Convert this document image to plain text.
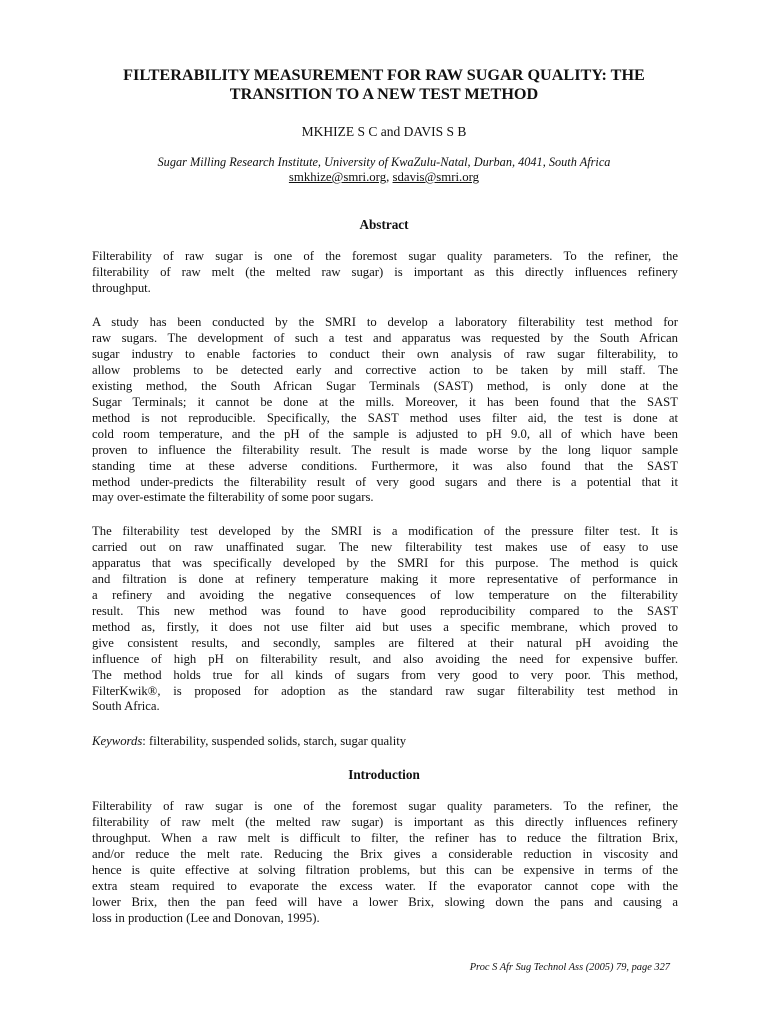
FILTERABILITY MEASUREMENT FOR RAW SUGAR QUALITY: THE
TRANSITION TO A NEW TEST METHOD
MKHIZE S C and DAVIS S B
Sugar Milling Research Institute, University of KwaZulu-Natal, Durban, 4041, South Africa
smkhize@smri.org, sdavis@smri.org
Abstract

Filterability of raw sugar is one of the foremost sugar quality parameters. To the refiner, the
filterability of raw melt (the melted raw sugar) is important as this directly influences refinery
throughput.

A study has been conducted by the SMRI to develop a laboratory filterability test method for
raw sugars. The development of such a test and apparatus was requested by the South African
sugar industry to enable factories to conduct their own analysis of raw sugar filterability, to
allow problems to be detected early and corrective action to be taken by mill staff. The
existing method, the South African Sugar Terminals (SAST) method, is only done at the
Sugar Terminals; it cannot be done at the mills. Moreover, it has been found that the SAST
method is not reproducible. Specifically, the SAST method uses filter aid, the test is done at
cold room temperature, and the pH of the sample is adjusted to pH 9.0, all of which have been
proven to influence the filterability result. The result is made worse by the long liquor sample
standing time at these adverse conditions. Furthermore, it was also found that the SAST
method under-predicts the filterability result of very good sugars and there is a potential that it
may over-estimate the filterability of some poor sugars.

The filterability test developed by the SMRI is a modification of the pressure filter test. It is
carried out on raw unaffinated sugar. The new filterability test makes use of easy to use
apparatus that was specifically developed by the SMRI for this purpose. The method is quick
and filtration is done at refinery temperature making it more representative of performance in
a refinery and avoiding the negative consequences of low temperature on the filterability
result. This new method was found to have good reproducibility compared to the SAST
method as, firstly, it does not use filter aid but uses a specific membrane, which proved to
give consistent results, and secondly, samples are filtered at their natural pH avoiding the
influence of high pH on filterability result, and also avoiding the need for expensive buffer.
The method holds true for all kinds of sugars from very good to very poor. This method,
FilterKwik®, is proposed for adoption as the standard raw sugar filterability test method in
South Africa.

Keywords: filterability, suspended solids, starch, sugar quality

Introduction

Filterability of raw sugar is one of the foremost sugar quality parameters. To the refiner, the
filterability of raw melt (the melted raw sugar) is important as this directly influences refinery
throughput. When a raw melt is difficult to filter, the refiner has to reduce the filtration Brix,
and/or reduce the melt rate. Reducing the Brix gives a considerable reduction in viscosity and
hence is quite effective at solving filtration problems, but this can be expensive in terms of the
extra steam required to evaporate the excess water. If the evaporator cannot cope with the
lower Brix, then the pan feed will have a lower Brix, slowing down the pans and causing a
loss in production (Lee and Donovan, 1995).

Proc S Afr Sug Technol Ass (2005) 79, page 327
